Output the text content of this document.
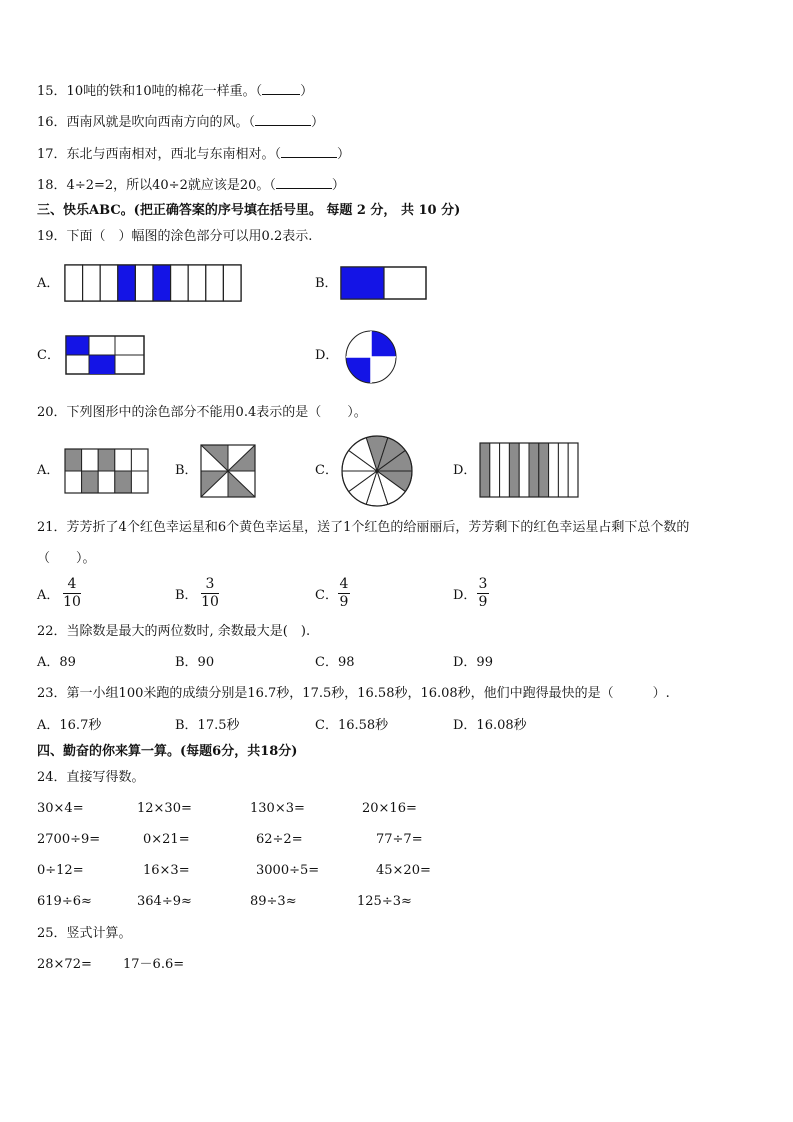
15．10吨的铁和10吨的棉花一样重。（	）
16．西南风就是吹向西南方向的风。（	）
17．东北与西南相对，西北与东南相对。（	）
18．4÷2=2，所以40÷2就应该是20。（	）
三、快乐ABC。(把正确答案的序号填在括号里。 每题 2 分， 共 10 分)
19．下面（　）幅图的涂色部分可以用0.2表示.
A．	B．
C．	D．
20．下列图形中的涂色部分不能用0.4表示的是（　　）。
A．	B．	C．	D．
21．芳芳折了4个红色幸运星和6个黄色幸运星，送了1个红色的给丽丽后，芳芳剩下的红色幸运星占剩下总个数的
（　　）。
A．
4
10	B．
3
10	C．
4
9	D．
3
9
22．当除数是最大的两位数时, 余数最大是(　).
A．89	B．90	C．98	D．99
23．第一小组100米跑的成绩分别是16.7秒，17.5秒，16.58秒，16.08秒，他们中跑得最快的是（　　　）.
A．16.7秒	B．17.5秒	C．16.58秒	D．16.08秒
四、勤奋的你来算一算。(每题6分，共18分)
24．直接写得数。
30×4=	12×30=	130×3=	20×16=
2700÷9=	0×21=	62÷2=	77÷7=
0÷12=	16×3=	3000÷5=	45×20=
619÷6≈	364÷9≈	89÷3≈	125÷3≈
25．竖式计算。
28×72= 17－6.6=
